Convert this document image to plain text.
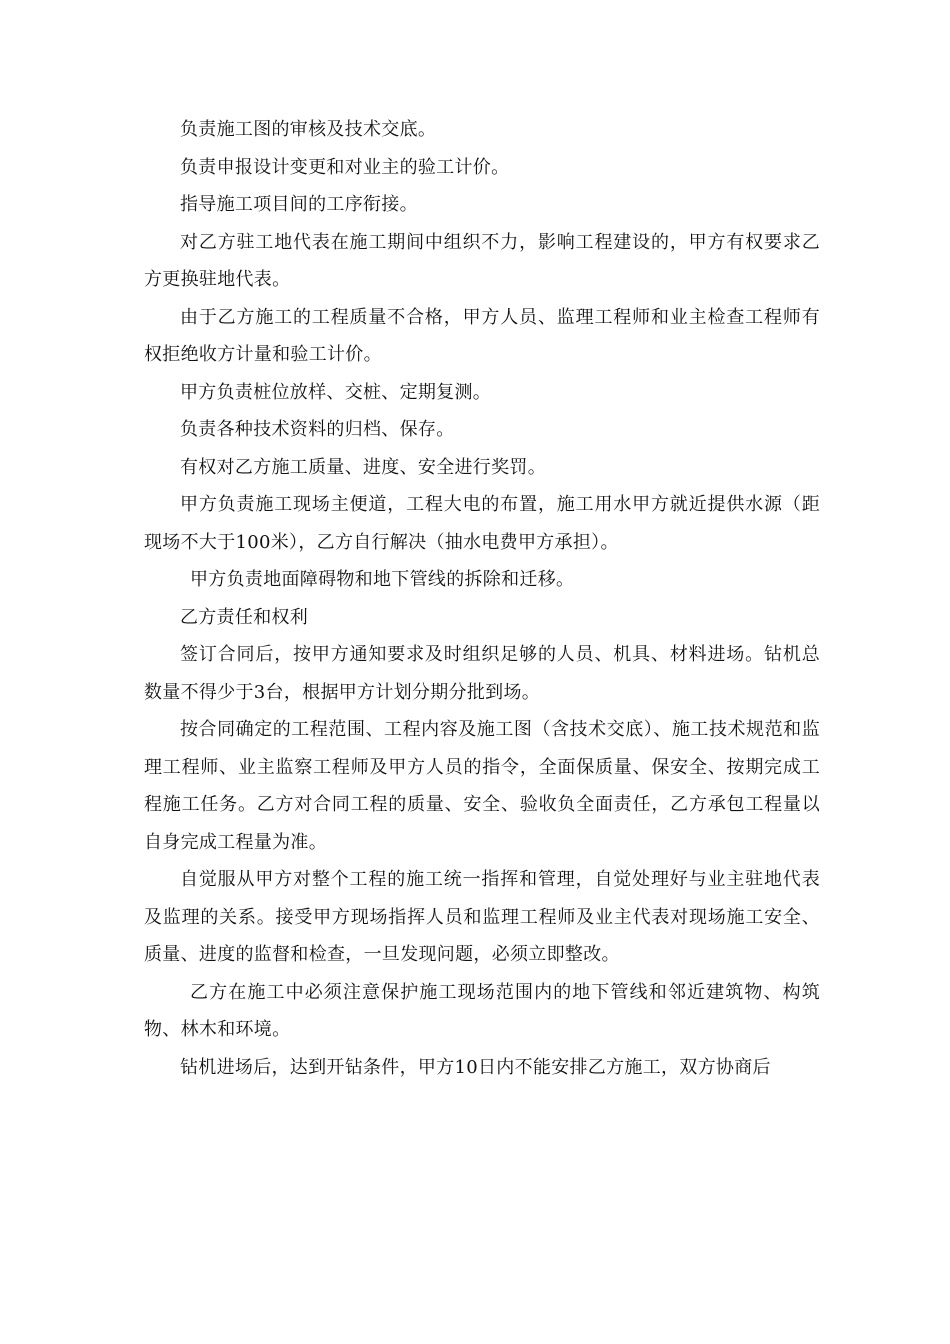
负责施工图的审核及技术交底。

负责申报设计变更和对业主的验工计价。

指导施工项目间的工序衔接。

对乙方驻工地代表在施工期间中组织不力，影响工程建设的，甲方有权要求乙方更换驻地代表。

由于乙方施工的工程质量不合格，甲方人员、监理工程师和业主检查工程师有权拒绝收方计量和验工计价。

甲方负责桩位放样、交桩、定期复测。

负责各种技术资料的归档、保存。

有权对乙方施工质量、进度、安全进行奖罚。

甲方负责施工现场主便道，工程大电的布置，施工用水甲方就近提供水源（距 现场不大于100米），乙方自行解决（抽水电费甲方承担）。

甲方负责地面障碍物和地下管线的拆除和迁移。

乙方责任和权利

签订合同后，按甲方通知要求及时组织足够的人员、机具、材料进场。钻机总数量不得少于3台，根据甲方计划分期分批到场。

按合同确定的工程范围、工程内容及施工图（含技术交底）、施工技术规范和监理工程师、业主监察工程师及甲方人员的指令，全面保质量、保安全、按期完成工程施工任务。乙方对合同工程的质量、安全、验收负全面责任，乙方承包工程量以自身完成工程量为准。

自觉服从甲方对整个工程的施工统一指挥和管理，自觉处理好与业主驻地代表及监理的关系。接受甲方现场指挥人员和监理工程师及业主代表对现场施工安全、质量、进度的监督和检查，一旦发现问题，必须立即整改。

乙方在施工中必须注意保护施工现场范围内的地下管线和邻近建筑物、构筑物、林木和环境。

钻机进场后，达到开钻条件，甲方10日内不能安排乙方施工，双方协商后
